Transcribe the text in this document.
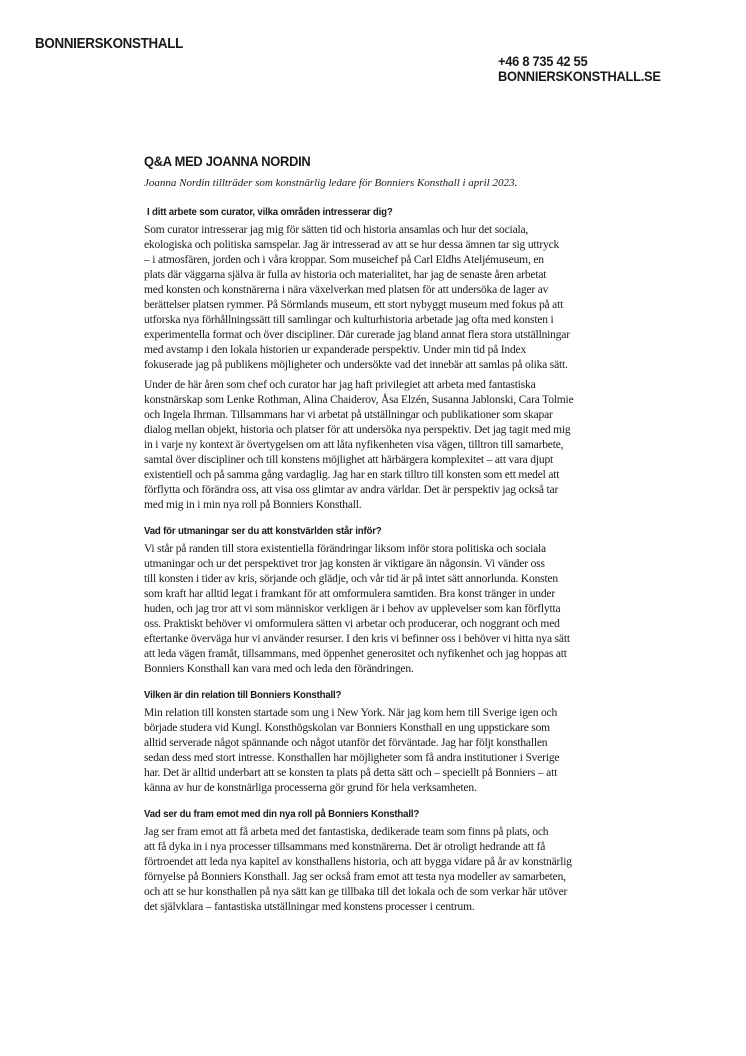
BONNIERSKONSTHALL
+46 8 735 42 55
BONNIERSKONSTHALL.SE
Q&A MED JOANNA NORDIN
Joanna Nordin tillträder som konstnärlig ledare för Bonniers Konsthall i april 2023.
I ditt arbete som curator, vilka områden intresserar dig?
Som curator intresserar jag mig för sätten tid och historia ansamlas och hur det sociala,
ekologiska och politiska samspelar. Jag är intresserad av att se hur dessa ämnen tar sig uttryck
– i atmosfären, jorden och i våra kroppar. Som museichef på Carl Eldhs Ateljémuseum, en
plats där väggarna själva är fulla av historia och materialitet, har jag de senaste åren arbetat
med konsten och konstnärerna i nära växelverkan med platsen för att undersöka de lager av
berättelser platsen rymmer. På Sörmlands museum, ett stort nybyggt museum med fokus på att
utforska nya förhållningssätt till samlingar och kulturhistoria arbetade jag ofta med konsten i
experimentella format och över discipliner. Där curerade jag bland annat flera stora utställningar
med avstamp i den lokala historien ur expanderade perspektiv. Under min tid på Index
fokuserade jag på publikens möjligheter och undersökte vad det innebär att samlas på olika sätt.
Under de här åren som chef och curator har jag haft privilegiet att arbeta med fantastiska
konstnärskap som Lenke Rothman, Alina Chaiderov, Åsa Elzén, Susanna Jablonski, Cara Tolmie
och Ingela Ihrman. Tillsammans har vi arbetat på utställningar och publikationer som skapar
dialog mellan objekt, historia och platser för att undersöka nya perspektiv. Det jag tagit med mig
in i varje ny kontext är övertygelsen om att låta nyfikenheten visa vägen, tilltron till samarbete,
samtal över discipliner och till konstens möjlighet att härbärgera komplexitet – att vara djupt
existentiell och på samma gång vardaglig. Jag har en stark tilltro till konsten som ett medel att
förflytta och förändra oss, att visa oss glimtar av andra världar. Det är perspektiv jag också tar
med mig in i min nya roll på Bonniers Konsthall.
Vad för utmaningar ser du att konstvärlden står inför?
Vi står på randen till stora existentiella förändringar liksom inför stora politiska och sociala
utmaningar och ur det perspektivet tror jag konsten är viktigare än någonsin. Vi vänder oss
till konsten i tider av kris, sörjande och glädje, och vår tid är på intet sätt annorlunda. Konsten
som kraft har alltid legat i framkant för att omformulera samtiden. Bra konst tränger in under
huden, och jag tror att vi som människor verkligen är i behov av upplevelser som kan förflytta
oss. Praktiskt behöver vi omformulera sätten vi arbetar och producerar, och noggrant och med
eftertanke överväga hur vi använder resurser. I den kris vi befinner oss i behöver vi hitta nya sätt
att leda vägen framåt, tillsammans, med öppenhet generositet och nyfikenhet och jag hoppas att
Bonniers Konsthall kan vara med och leda den förändringen.
Vilken är din relation till Bonniers Konsthall?
Min relation till konsten startade som ung i New York. När jag kom hem till Sverige igen och
började studera vid Kungl. Konsthögskolan var Bonniers Konsthall en ung uppstickare som
alltid serverade något spännande och något utanför det förväntade. Jag har följt konsthallen
sedan dess med stort intresse. Konsthallen har möjligheter som få andra institutioner i Sverige
har. Det är alltid underbart att se konsten ta plats på detta sätt och – speciellt på Bonniers – att
känna av hur de konstnärliga processerna gör grund för hela verksamheten.
Vad ser du fram emot med din nya roll på Bonniers Konsthall?
Jag ser fram emot att få arbeta med det fantastiska, dedikerade team som finns på plats, och
att få dyka in i nya processer tillsammans med konstnärerna. Det är otroligt hedrande att få
förtroendet att leda nya kapitel av konsthallens historia, och att bygga vidare på år av konstnärlig
förnyelse på Bonniers Konsthall. Jag ser också fram emot att testa nya modeller av samarbeten,
och att se hur konsthallen på nya sätt kan ge tillbaka till det lokala och de som verkar här utöver
det självklara – fantastiska utställningar med konstens processer i centrum.
